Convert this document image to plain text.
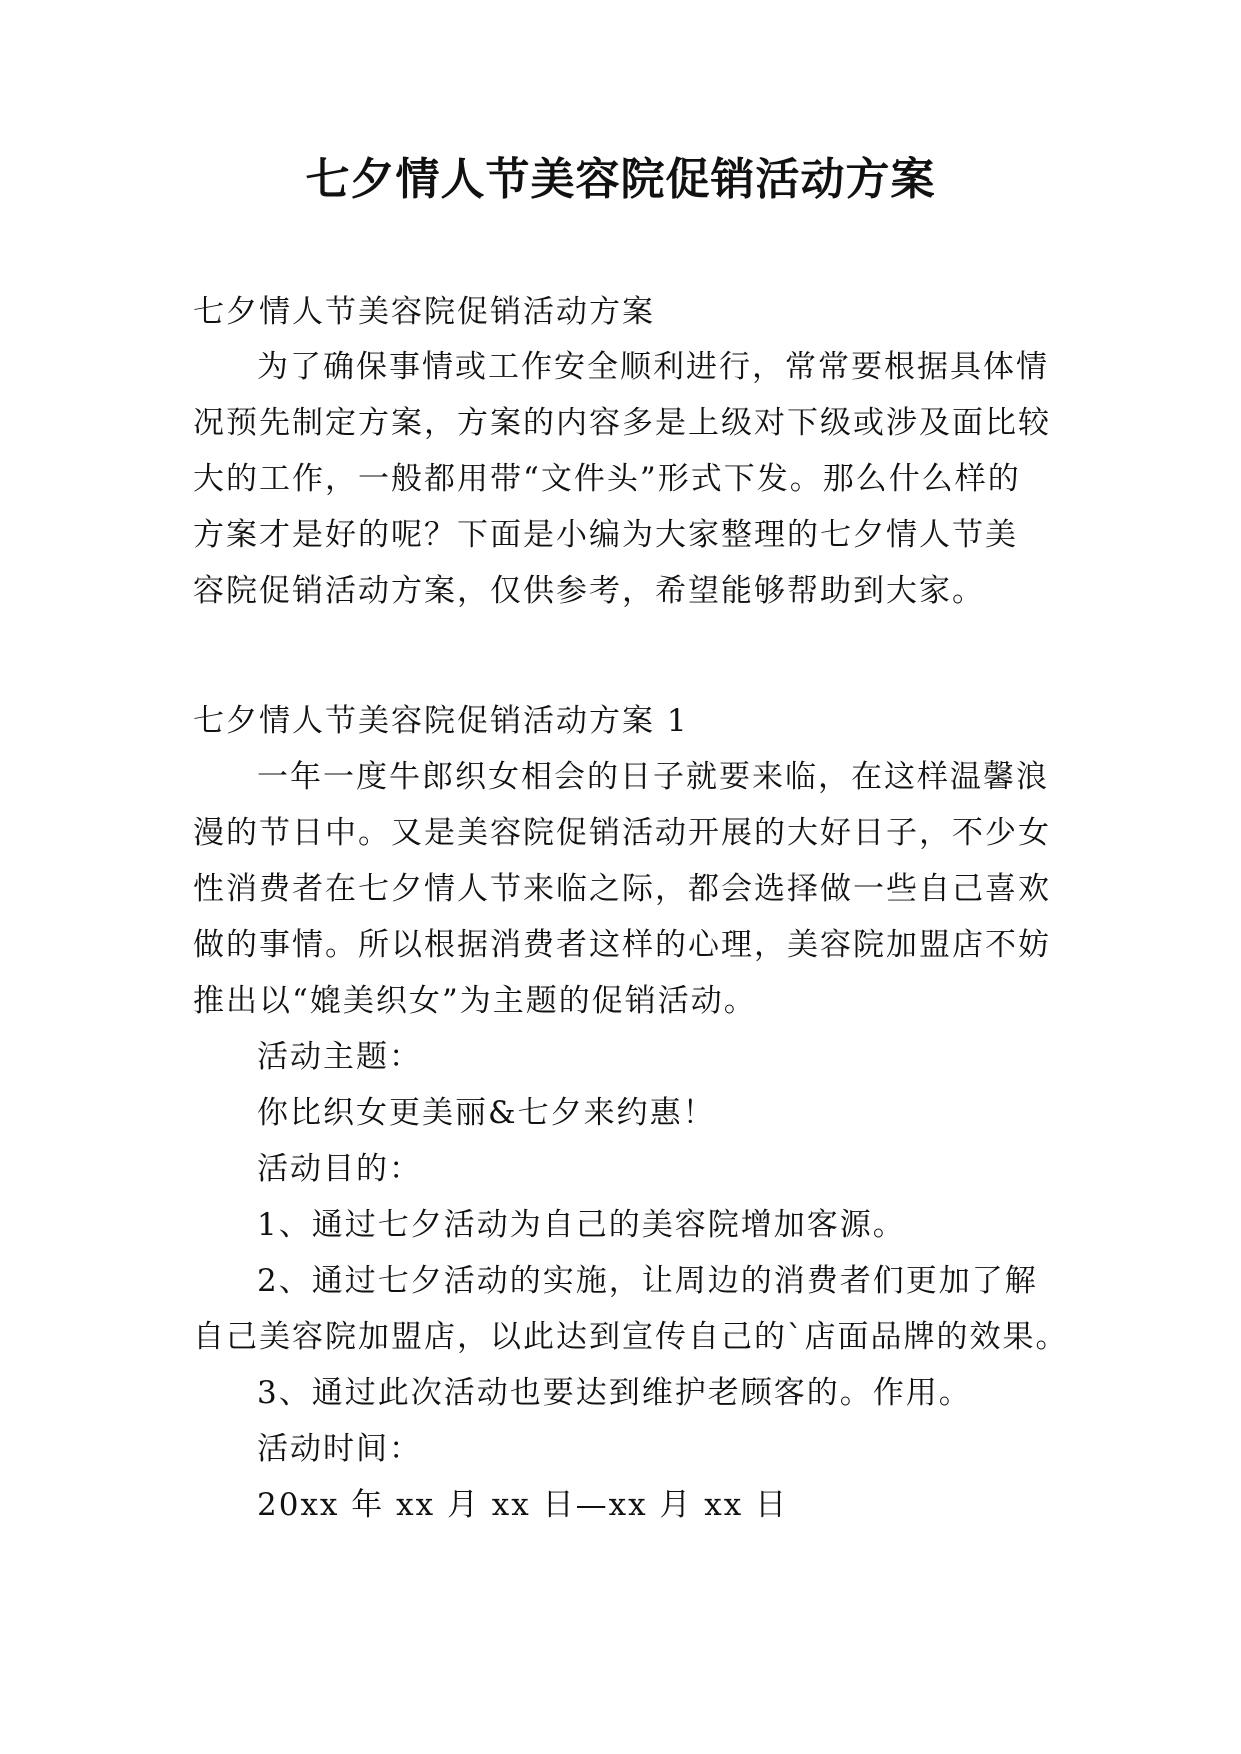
七夕情人节美容院促销活动方案

七夕情人节美容院促销活动方案

为了确保事情或工作安全顺利进行，常常要根据具体情

况预先制定方案，方案的内容多是上级对下级或涉及面比较

大的工作，一般都用带“文件头”形式下发。那么什么样的

方案才是好的呢？下面是小编为大家整理的七夕情人节美

容院促销活动方案，仅供参考，希望能够帮助到大家。

七夕情人节美容院促销活动方案 1

一年一度牛郎织女相会的日子就要来临，在这样温馨浪

漫的节日中。又是美容院促销活动开展的大好日子，不少女

性消费者在七夕情人节来临之际，都会选择做一些自己喜欢

做的事情。所以根据消费者这样的心理，美容院加盟店不妨

推出以“媲美织女”为主题的促销活动。

活动主题：

你比织女更美丽&七夕来约惠！

活动目的：

1、通过七夕活动为自己的美容院增加客源。

2、通过七夕活动的实施，让周边的消费者们更加了解

自己美容院加盟店，以此达到宣传自己的`店面品牌的效果。

3、通过此次活动也要达到维护老顾客的。作用。

活动时间：

20xx 年 xx 月 xx 日—xx 月 xx 日
